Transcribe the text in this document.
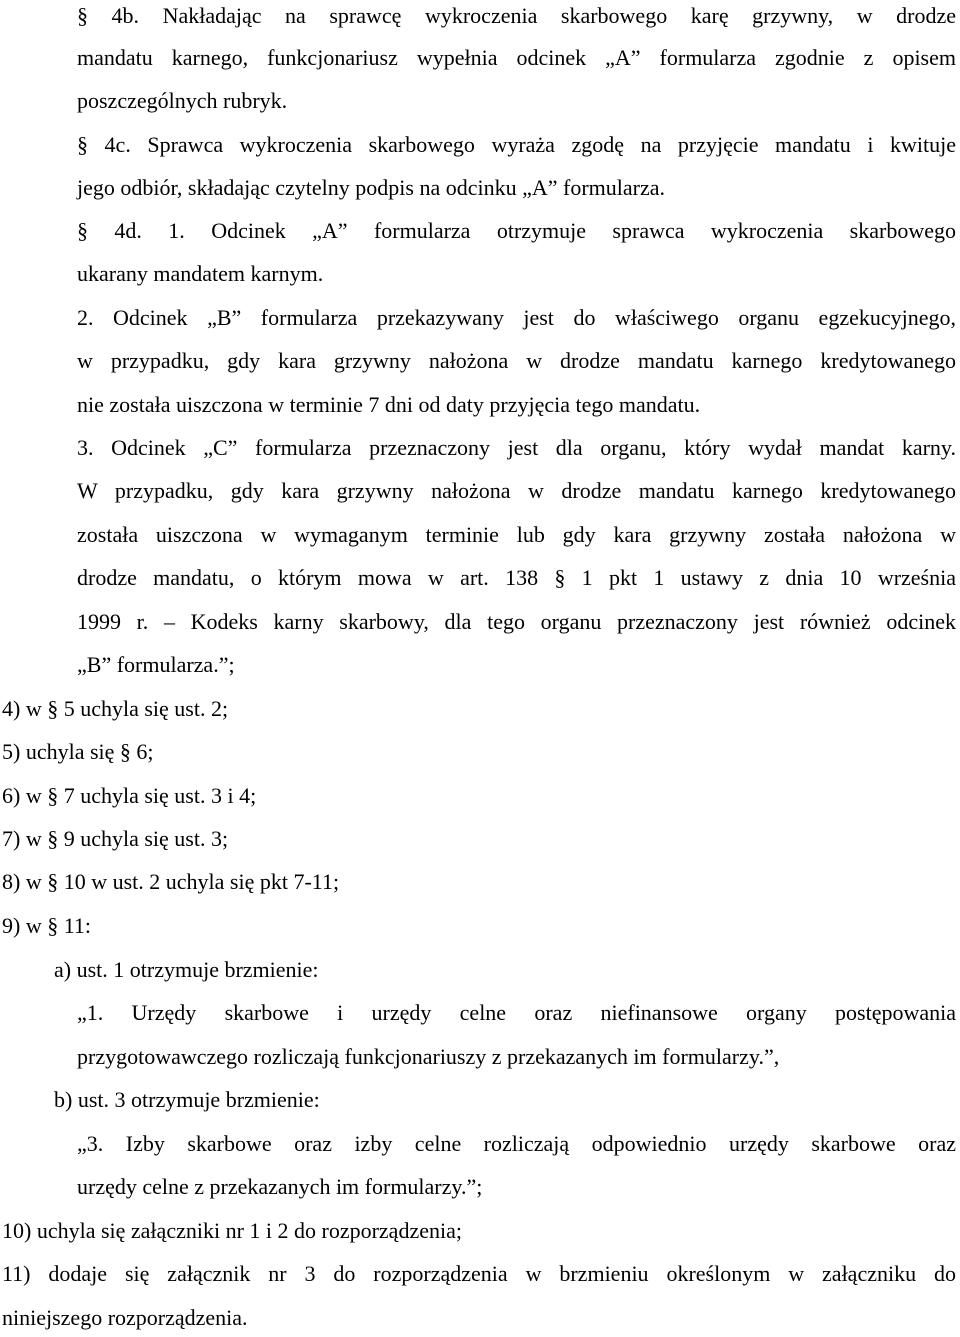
§ 4b. Nakładając na sprawcę wykroczenia skarbowego karę grzywny, w drodze

mandatu karnego, funkcjonariusz wypełnia odcinek „A” formularza zgodnie z opisem

poszczególnych rubryk.

§ 4c. Sprawca wykroczenia skarbowego wyraża zgodę na przyjęcie mandatu i kwituje

jego odbiór, składając czytelny podpis na odcinku „A” formularza.

§ 4d. 1. Odcinek „A” formularza otrzymuje sprawca wykroczenia skarbowego

ukarany mandatem karnym.

2. Odcinek „B” formularza przekazywany jest do właściwego organu egzekucyjnego,

w przypadku, gdy kara grzywny nałożona w drodze mandatu karnego kredytowanego

nie została uiszczona w terminie 7 dni od daty przyjęcia tego mandatu.

3. Odcinek „C” formularza przeznaczony jest dla organu, który wydał mandat karny.

W przypadku, gdy kara grzywny nałożona w drodze mandatu karnego kredytowanego

została uiszczona w wymaganym terminie lub gdy kara grzywny została nałożona w

drodze mandatu, o którym mowa w art. 138 § 1 pkt 1 ustawy z dnia 10 września

1999 r. – Kodeks karny skarbowy, dla tego organu przeznaczony jest również odcinek

„B” formularza.”;

4) w § 5 uchyla się ust. 2;

5) uchyla się § 6;

6) w § 7 uchyla się ust. 3 i 4;

7) w § 9 uchyla się ust. 3;

8) w § 10 w ust. 2 uchyla się pkt 7-11;

9) w § 11:

a) ust. 1 otrzymuje brzmienie:

„1. Urzędy skarbowe i urzędy celne oraz niefinansowe organy postępowania

przygotowawczego rozliczają funkcjonariuszy z przekazanych im formularzy.”,

b) ust. 3 otrzymuje brzmienie:

„3. Izby skarbowe oraz izby celne rozliczają odpowiednio urzędy skarbowe oraz

urzędy celne z przekazanych im formularzy.”;

10) uchyla się załączniki nr 1 i 2 do rozporządzenia;

11) dodaje się załącznik nr 3 do rozporządzenia w brzmieniu określonym w załączniku do

niniejszego rozporządzenia.
